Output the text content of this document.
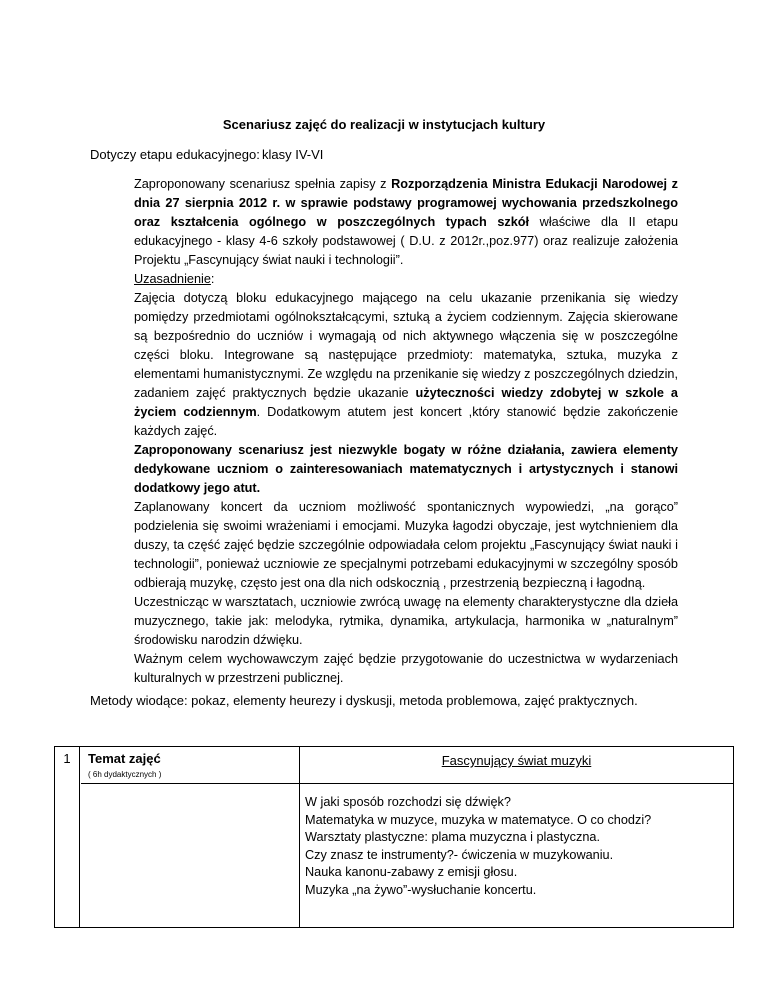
Scenariusz zajęć do realizacji w instytucjach kultury
Dotyczy etapu edukacyjnego: klasy IV-VI

Zaproponowany scenariusz spełnia zapisy z Rozporządzenia Ministra Edukacji Narodowej z dnia 27 sierpnia 2012 r. w sprawie podstawy programowej wychowania przedszkolnego oraz kształcenia ogólnego w poszczególnych typach szkół właściwe dla II etapu edukacyjnego - klasy 4-6 szkoły podstawowej ( D.U. z 2012r.,poz.977) oraz realizuje założenia Projektu „Fascynujący świat nauki i technologii”.

Uzasadnienie:

Zajęcia dotyczą bloku edukacyjnego mającego na celu ukazanie przenikania się wiedzy pomiędzy przedmiotami ogólnokształcącymi, sztuką a życiem codziennym. Zajęcia skierowane są bezpośrednio do uczniów i wymagają od nich aktywnego włączenia się w poszczególne części bloku. Integrowane są następujące przedmioty: matematyka, sztuka, muzyka z elementami humanistycznymi. Ze względu na przenikanie się wiedzy z poszczególnych dziedzin, zadaniem zajęć praktycznych będzie ukazanie użyteczności wiedzy zdobytej w szkole a życiem codziennym. Dodatkowym atutem jest koncert ,który stanowić będzie zakończenie każdych zajęć.

Zaproponowany scenariusz jest niezwykle bogaty w różne działania, zawiera elementy dedykowane uczniom o zainteresowaniach matematycznych i artystycznych i stanowi dodatkowy jego atut.

Zaplanowany koncert da uczniom możliwość spontanicznych wypowiedzi, „na gorąco” podzielenia się swoimi wrażeniami i emocjami. Muzyka łagodzi obyczaje, jest wytchnieniem dla duszy, ta część zajęć będzie szczególnie odpowiadała celom projektu „Fascynujący świat nauki i technologii”, ponieważ uczniowie ze specjalnymi potrzebami edukacyjnymi w szczególny sposób odbierają muzykę, często jest ona dla nich odskocznią , przestrzenią bezpieczną i łagodną.

Uczestnicząc w warsztatach, uczniowie zwrócą uwagę na elementy charakterystyczne dla dzieła muzycznego, takie jak: melodyka, rytmika, dynamika, artykulacja, harmonika w „naturalnym” środowisku narodzin dźwięku.

Ważnym celem wychowawczym zajęć będzie przygotowanie do uczestnictwa w wydarzeniach kulturalnych w przestrzeni publicznej.

Metody wiodące: pokaz, elementy heurezy i dyskusji, metoda problemowa, zajęć praktycznych.
1	Temat zajęć
( 6h dydaktycznych )
Fascynujący świat muzyki
W jaki sposób rozchodzi się dźwięk?
Matematyka w muzyce, muzyka w matematyce. O co chodzi?
Warsztaty plastyczne: plama muzyczna i plastyczna.
Czy znasz te instrumenty?- ćwiczenia w muzykowaniu.
Nauka kanonu-zabawy z emisji głosu.
Muzyka „na żywo”-wysłuchanie koncertu.
